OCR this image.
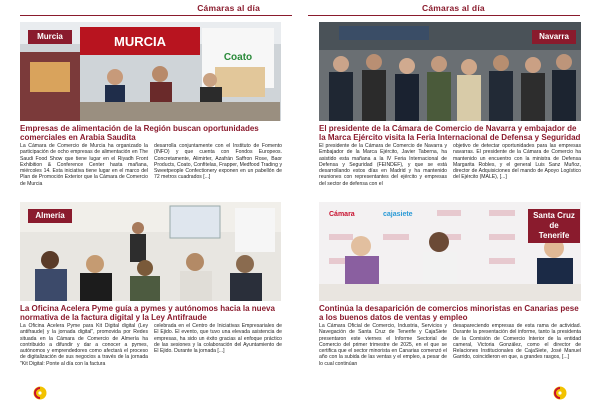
Cámaras al día
MURCIA
Coato
Murcia
Empresas de alimentación de la Región buscan oportunidades comerciales en Arabia Saudita
La Cámara de Comercio de Murcia ha organizado la participación de ocho empresas de alimentación en The Saudi Food Show que tiene lugar en el Riyadh Front Exhibition & Conference Center hasta mañana, miércoles 14. Esta iniciativa tiene lugar en el marco del Plan de Promoción Exterior que la Cámara de Comercio de Murcia
desarrolla conjuntamente con el Instituto de Fomento (INFO) y que cuenta con Fondos Europeos. Concretamente, Alimirter, Azafrán Saffron Rose, Baor Products, Coato, Confitelas, Frapper, Medfood Trading y Sweetpeople Confectionery exponen en un pabellón de 72 metros cuadrados [...]
Almería
La Oficina Acelera Pyme guía a pymes y autónomos hacia la nueva normativa de la factura digital y la Ley Antifraude
La Oficina Acelera Pyme para Kit Digital digital (Ley antifraude) y la jornada digital", promovida por Redes situada en la Cámara de Comercio de Almería ha contribuido a difundir y dar a conocer a pymes, autónomos y emprendedores como afectará el proceso de digitalización de sus negocios a través de la jornada "Kit Digital: Ponte al día con la factura
celebrada en el Centro de Iniciativas Empresariales de El Ejido. El evento, que tuvo una elevada asistencia de empresas, ha sido un éxito gracias al enfoque práctico de las sesiones y la colaboración del Ayuntamiento de El Ejido. Durante la jornada [...]
Cámaras al día
Navarra
El presidente de la Cámara de Comercio de Navarra y embajador de la Marca Ejército visita la Feria Internacional de Defensa y Seguridad
El presidente de la Cámara de Comercio de Navarra y Embajador de la Marca Ejército, Javier Taberna, ha asistido esta mañana a la IV Feria Internacional de Defensa y Seguridad (FEINDEF), y que se está desarrollando estos días en Madrid y ha mantenido reuniones con representantes del ejército y empresas del sector de defensa con el
objetivo de detectar oportunidades para las empresas navarras. El presidente de la Cámara de Comercio ha mantenido un encuentro con la ministra de Defensa Margarita Robles, y el general Luis Sanz Muñoz, director de Adquisiciones del mando de Apoyo Logístico del Ejército (MALE), [...]
Cámara	cajasiete	Santa Cruz de Tenerife
Continúa la desaparición de comercios minoristas en Canarias pese a los buenos datos de ventas y empleo
La Cámara Oficial de Comercio, Industria, Servicios y Navegación de Santa Cruz de Tenerife y CajaSiete presentaron este viernes el Informe Sectorial de Comercio del primer trimestre de 2025, en el que se certifica que el sector minorista en Canarias comenzó el año con la subida de las ventas y el empleo, a pesar de lo cual continúan
desapareciendo empresas de esta rama de actividad. Durante la presentación del informe, tanto la presidenta de la Comisión de Comercio Interior de la entidad cameral, Victoria González, como el director de Relaciones Institucionales de CajaSiete, José Manuel Garrido, coincidieron en que, a grandes rasgos, [...]
